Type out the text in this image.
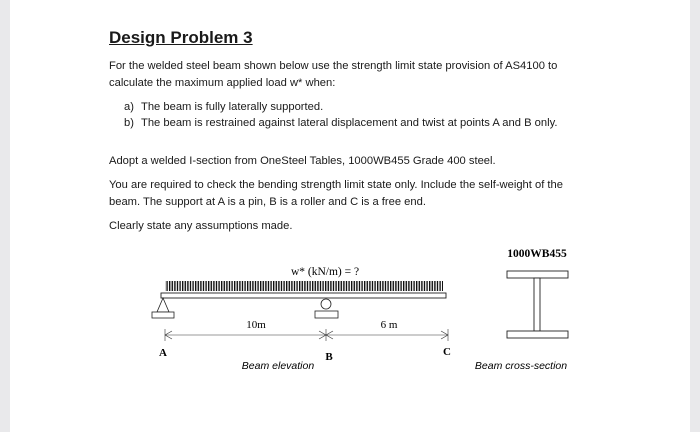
Design Problem 3

For the welded steel beam shown below use the strength limit state provision of AS4100 to calculate the maximum applied load w* when:

a) The beam is fully laterally supported.
b) The beam is restrained against lateral displacement and twist at points A and B only.

Adopt a welded I-section from OneSteel Tables, 1000WB455 Grade 400 steel.

You are required to check the bending strength limit state only. Include the self-weight of the beam. The support at A is a pin, B is a roller and C is a free end.

Clearly state any assumptions made.

w* (kN/m) = ?
10m	6 m
A	B	C
Beam elevation
1000WB455
Beam cross-section
